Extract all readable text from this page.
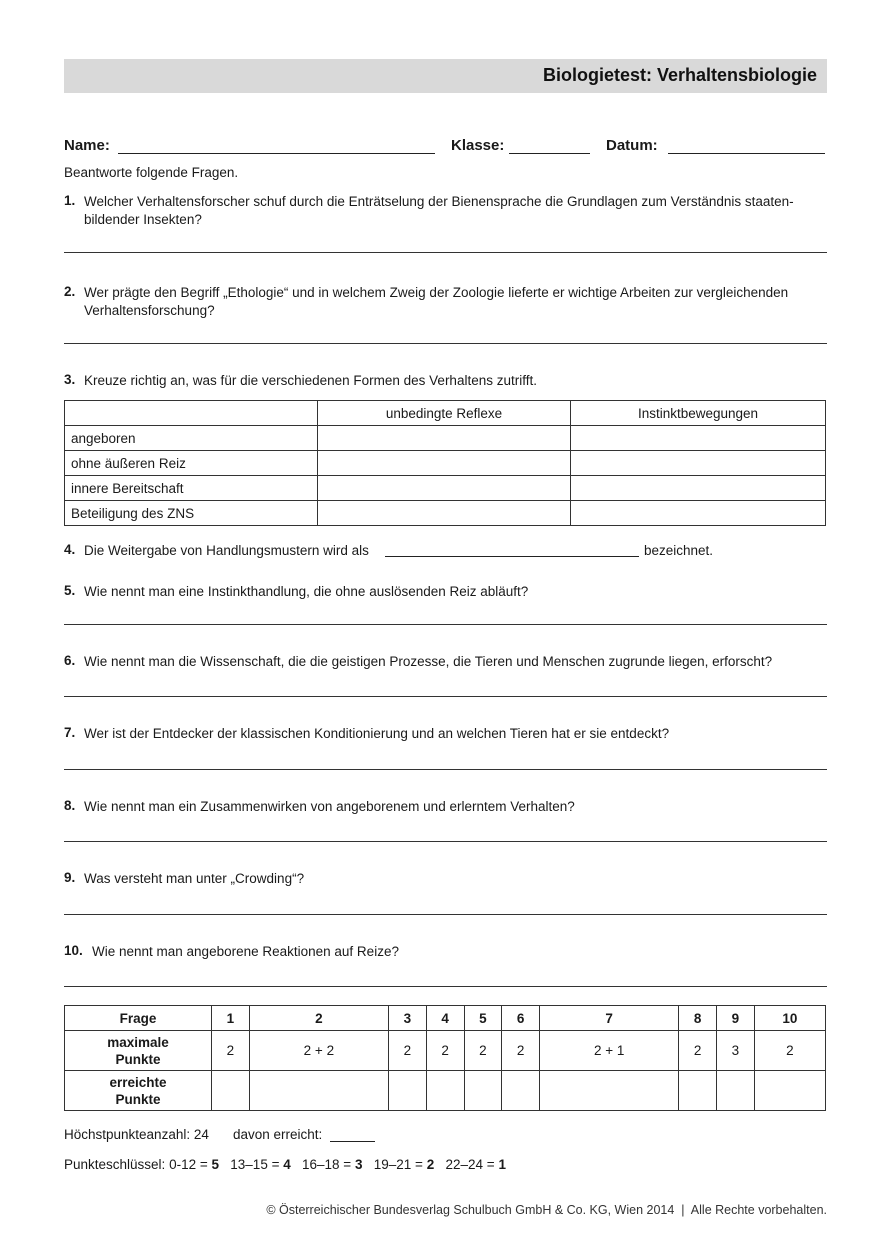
Biologietest: Verhaltensbiologie
Name:	Klasse:	Datum:
Beantworte folgende Fragen.
1. Welcher Verhaltensforscher schuf durch die Enträtselung der Bienensprache die Grundlagen zum Verständnis staaten-bildender Insekten?
2. Wer prägte den Begriff „Ethologie“ und in welchem Zweig der Zoologie lieferte er wichtige Arbeiten zur vergleichenden Verhaltensforschung?
3. Kreuze richtig an, was für die verschiedenen Formen des Verhaltens zutrifft.
	unbedingte Reflexe	Instinktbewegungen
angeboren		
ohne äußeren Reiz		
innere Bereitschaft		
Beteiligung des ZNS		
4. Die Weitergabe von Handlungsmustern wird als	bezeichnet.
5. Wie nennt man eine Instinkthandlung, die ohne auslösenden Reiz abläuft?
6. Wie nennt man die Wissenschaft, die die geistigen Prozesse, die Tieren und Menschen zugrunde liegen, erforscht?
7. Wer ist der Entdecker der klassischen Konditionierung und an welchen Tieren hat er sie entdeckt?
8. Wie nennt man ein Zusammenwirken von angeborenem und erlerntem Verhalten?
9. Was versteht man unter „Crowding“?
10. Wie nennt man angeborene Reaktionen auf Reize?
Frage	1	2	3	4	5	6	7	8	9	10
maximale
Punkte	2	2 + 2	2	2	2	2	2 + 1	2	3	2
erreichte
Punkte										
Höchstpunkteanzahl: 24 davon erreicht:
Punkteschlüssel: 0-12 = 5 13–15 = 4 16–18 = 3 19–21 = 2 22–24 = 1
© Österreichischer Bundesverlag Schulbuch GmbH & Co. KG, Wien 2014 | Alle Rechte vorbehalten.
